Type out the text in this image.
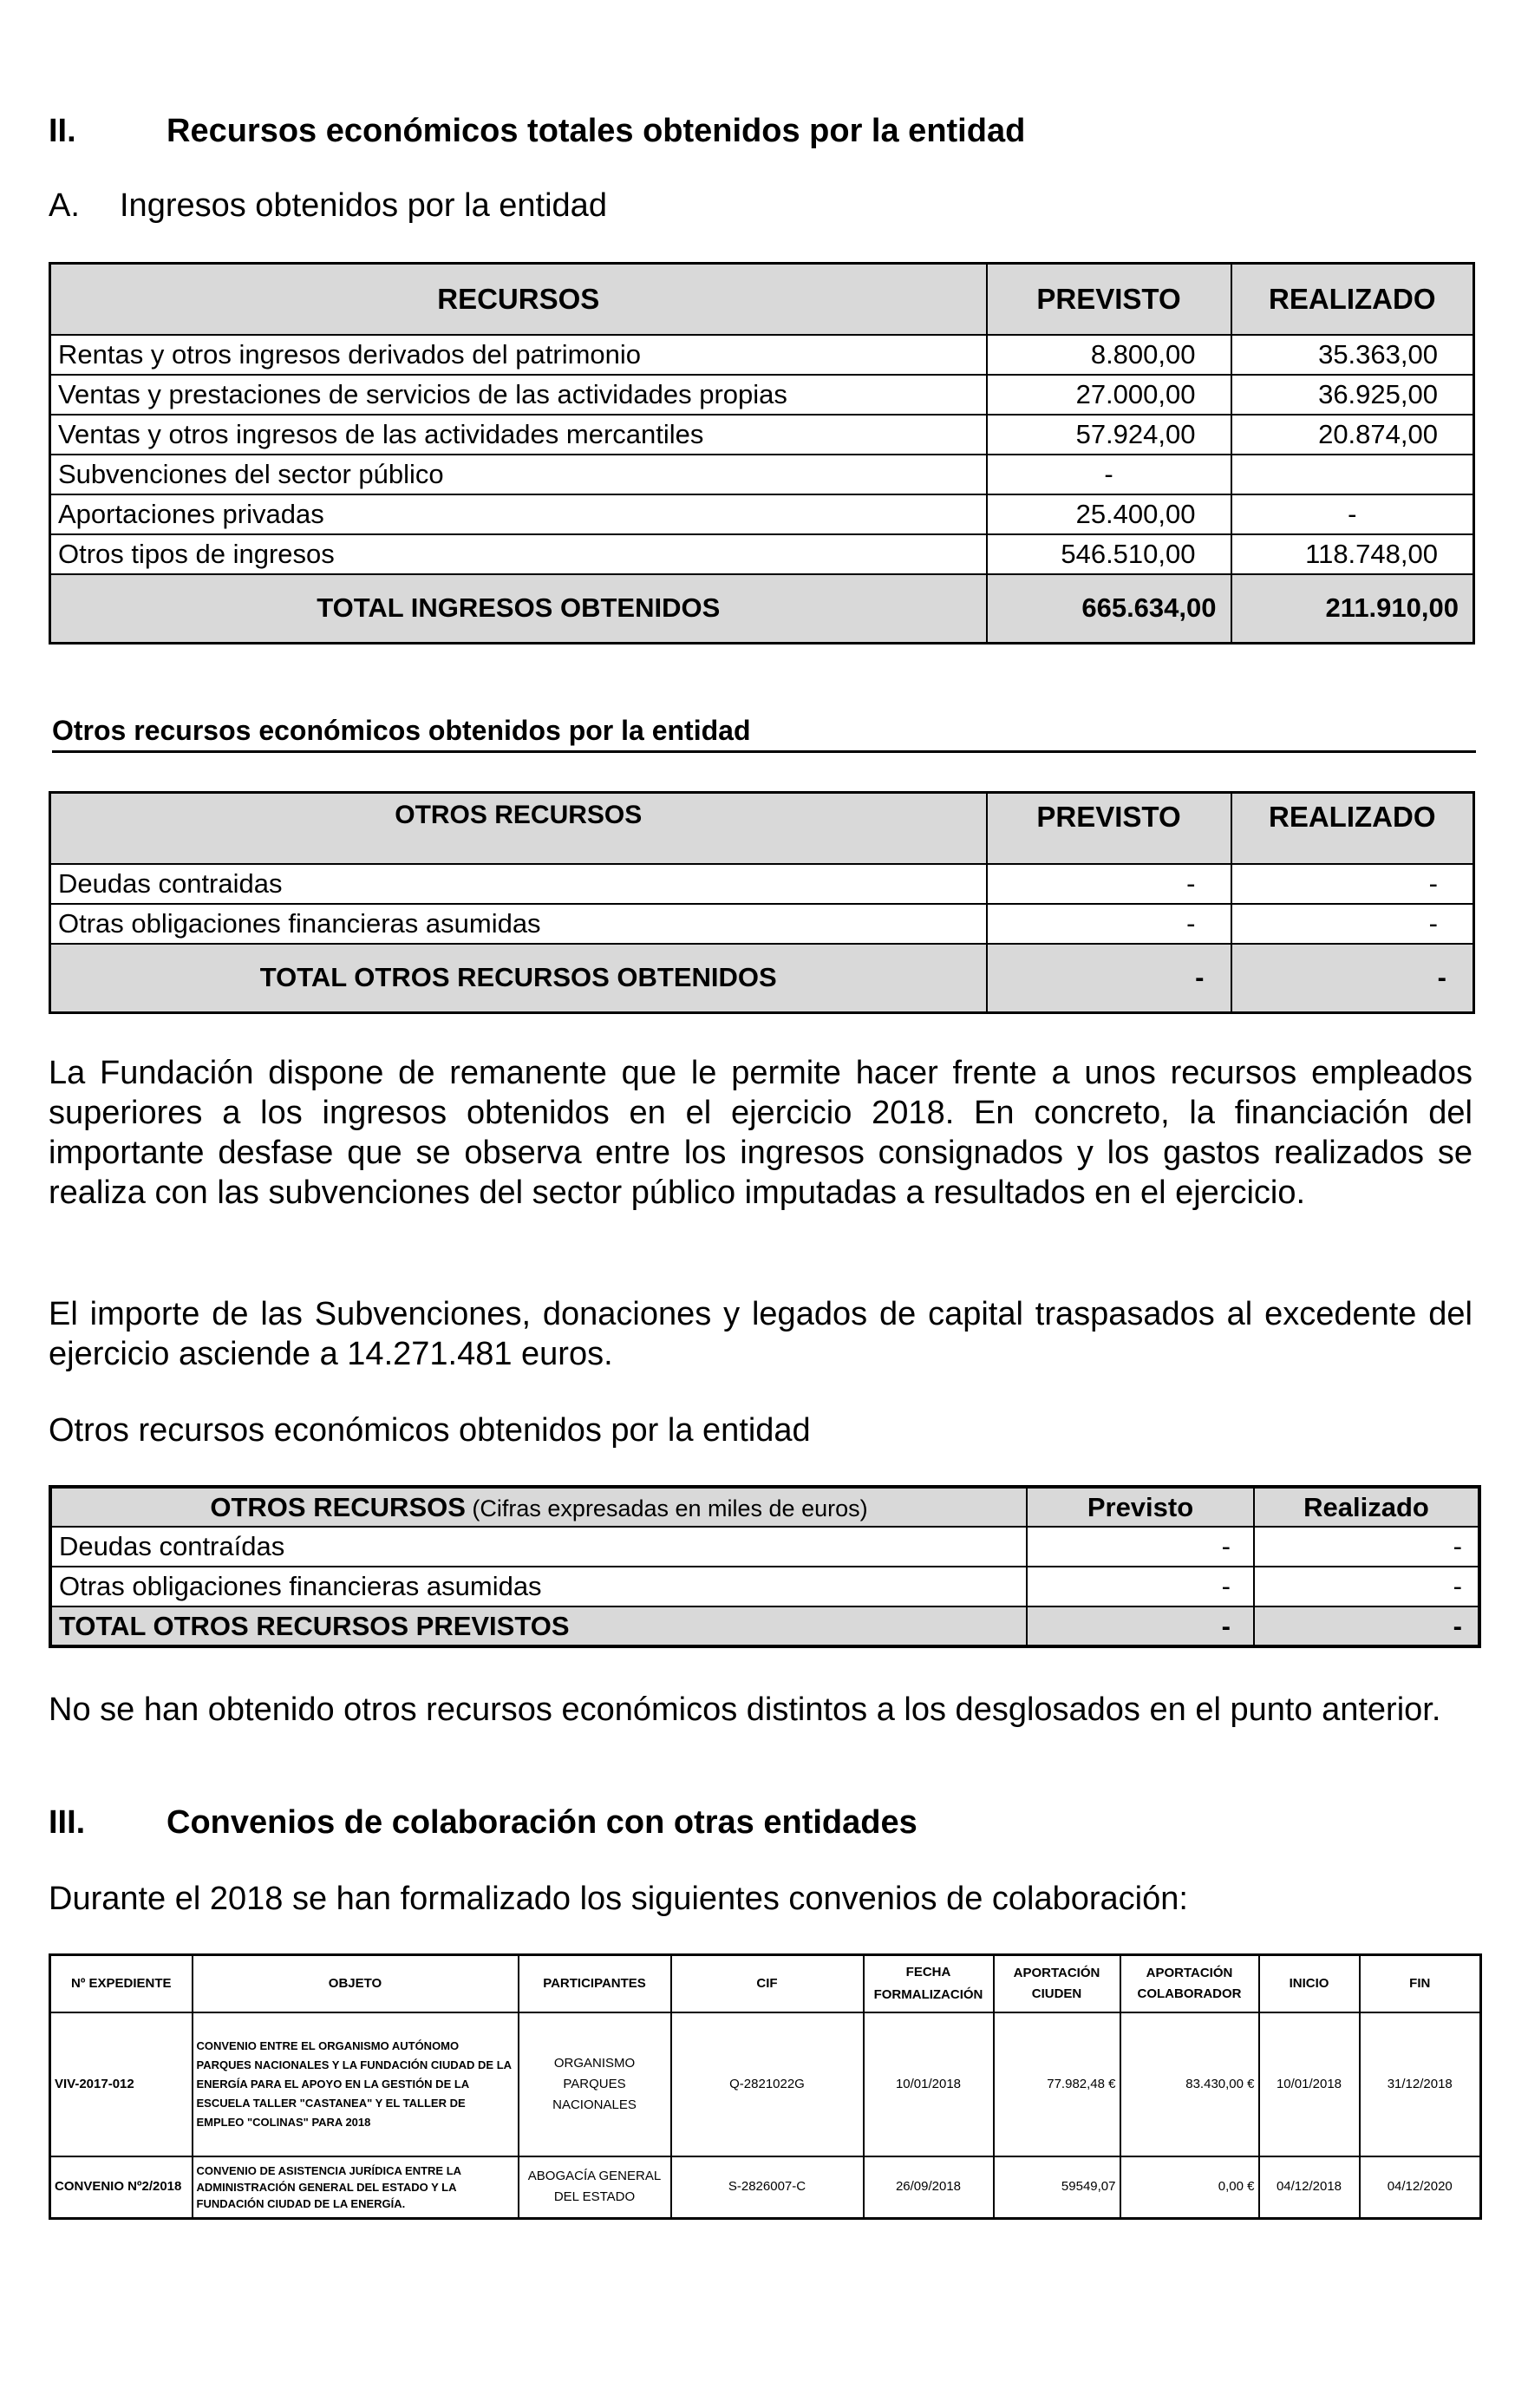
II.	Recursos económicos totales obtenidos por la entidad
A. Ingresos obtenidos por la entidad
RECURSOS	PREVISTO	REALIZADO
Rentas y otros ingresos derivados del patrimonio	8.800,00	35.363,00
Ventas y prestaciones de servicios de las actividades propias	27.000,00	36.925,00
Ventas y otros ingresos de las actividades mercantiles	57.924,00	20.874,00
Subvenciones del sector público	-	
Aportaciones privadas	25.400,00	-
Otros tipos de ingresos	546.510,00	118.748,00
TOTAL INGRESOS OBTENIDOS	665.634,00	211.910,00
Otros recursos económicos obtenidos por la entidad
OTROS RECURSOS	PREVISTO	REALIZADO
Deudas contraidas	-	-
Otras obligaciones financieras asumidas	-	-
TOTAL OTROS RECURSOS OBTENIDOS	-	-
La Fundación dispone de remanente que le permite hacer frente a unos recursos empleados superiores a los ingresos obtenidos en el ejercicio 2018. En concreto, la financiación del importante desfase que se observa entre los ingresos consignados y los gastos realizados se realiza con las subvenciones del sector público imputadas a resultados en el ejercicio.
El importe de las Subvenciones, donaciones y legados de capital traspasados al excedente del ejercicio asciende a 14.271.481 euros.
Otros recursos económicos obtenidos por la entidad
OTROS RECURSOS (Cifras expresadas en miles de euros)	Previsto	Realizado
Deudas contraídas	-	-
Otras obligaciones financieras asumidas	-	-
TOTAL OTROS RECURSOS PREVISTOS	-	-
No se han obtenido otros recursos económicos distintos a los desglosados en el punto anterior.
III. Convenios de colaboración con otras entidades
Durante el 2018 se han formalizado los siguientes convenios de colaboración:
Nº EXPEDIENTE	OBJETO	PARTICIPANTES	CIF	FECHA FORMALIZACIÓN	APORTACIÓN CIUDEN	APORTACIÓN COLABORADOR	INICIO	FIN
VIV-2017-012	CONVENIO ENTRE EL ORGANISMO AUTÓNOMO PARQUES NACIONALES Y LA FUNDACIÓN CIUDAD DE LA ENERGÍA PARA EL APOYO EN LA GESTIÓN DE LA ESCUELA TALLER "CASTANEA" Y EL TALLER DE EMPLEO "COLINAS" PARA 2018	ORGANISMO PARQUES NACIONALES	Q-2821022G	10/01/2018	77.982,48 €	83.430,00 €	10/01/2018	31/12/2018
CONVENIO Nº2/2018	CONVENIO DE ASISTENCIA JURÍDICA ENTRE LA ADMINISTRACIÓN GENERAL DEL ESTADO Y LA FUNDACIÓN CIUDAD DE LA ENERGÍA.	ABOGACÍA GENERAL DEL ESTADO	S-2826007-C	26/09/2018	59549,07	0,00 €	04/12/2018	04/12/2020
